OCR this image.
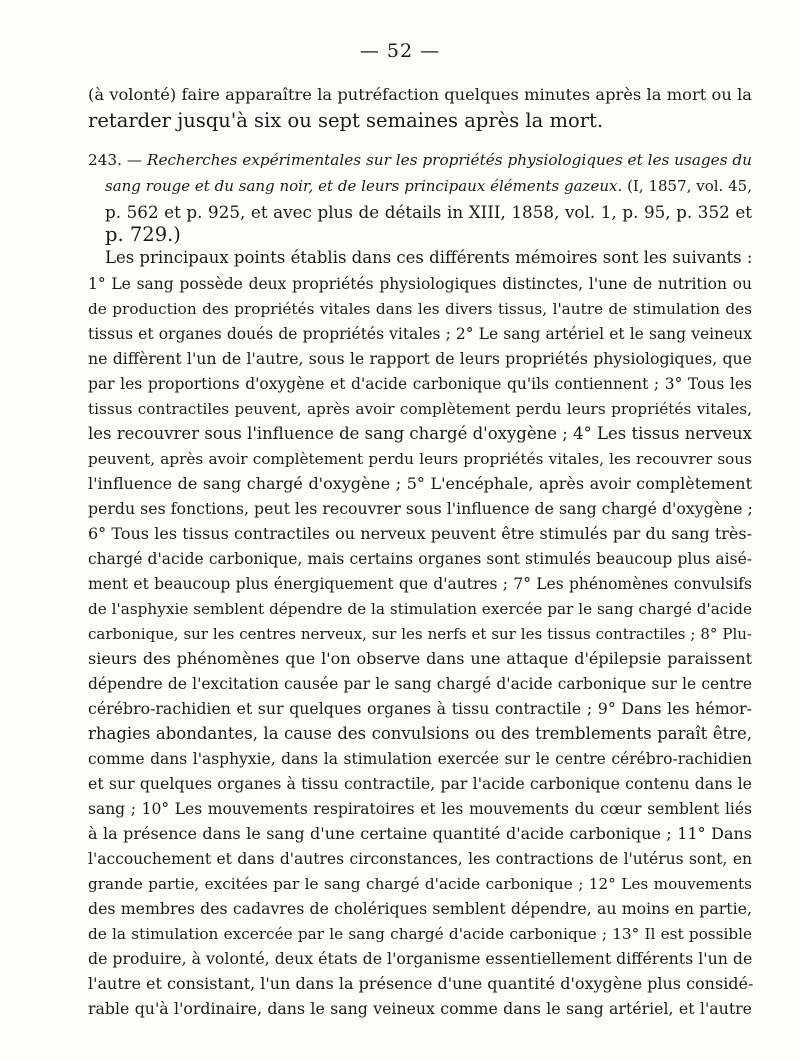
— 52 —
(à volonté) faire apparaître la putréfaction quelques minutes après la mort ou la
retarder jusqu'à six ou sept semaines après la mort.
243. — Recherches expérimentales sur les propriétés physiologiques et les usages du
sang rouge et du sang noir, et de leurs principaux éléments gazeux. (I, 1857, vol. 45,
p. 562 et p. 925, et avec plus de détails in XIII, 1858, vol. 1, p. 95, p. 352 et
p. 729.)
Les principaux points établis dans ces différents mémoires sont les suivants :
1° Le sang possède deux propriétés physiologiques distinctes, l'une de nutrition ou
de production des propriétés vitales dans les divers tissus, l'autre de stimulation des
tissus et organes doués de propriétés vitales ; 2° Le sang artériel et le sang veineux
ne diffèrent l'un de l'autre, sous le rapport de leurs propriétés physiologiques, que
par les proportions d'oxygène et d'acide carbonique qu'ils contiennent ; 3° Tous les
tissus contractiles peuvent, après avoir complètement perdu leurs propriétés vitales,
les recouvrer sous l'influence de sang chargé d'oxygène ; 4° Les tissus nerveux
peuvent, après avoir complètement perdu leurs propriétés vitales, les recouvrer sous
l'influence de sang chargé d'oxygène ; 5° L'encéphale, après avoir complètement
perdu ses fonctions, peut les recouvrer sous l'influence de sang chargé d'oxygène ;
6° Tous les tissus contractiles ou nerveux peuvent être stimulés par du sang très-
chargé d'acide carbonique, mais certains organes sont stimulés beaucoup plus aisé-
ment et beaucoup plus énergiquement que d'autres ; 7° Les phénomènes convulsifs
de l'asphyxie semblent dépendre de la stimulation exercée par le sang chargé d'acide
carbonique, sur les centres nerveux, sur les nerfs et sur les tissus contractiles ; 8° Plu-
sieurs des phénomènes que l'on observe dans une attaque d'épilepsie paraissent
dépendre de l'excitation causée par le sang chargé d'acide carbonique sur le centre
cérébro-rachidien et sur quelques organes à tissu contractile ; 9° Dans les hémor-
rhagies abondantes, la cause des convulsions ou des tremblements paraît être,
comme dans l'asphyxie, dans la stimulation exercée sur le centre cérébro-rachidien
et sur quelques organes à tissu contractile, par l'acide carbonique contenu dans le
sang ; 10° Les mouvements respiratoires et les mouvements du cœur semblent liés
à la présence dans le sang d'une certaine quantité d'acide carbonique ; 11° Dans
l'accouchement et dans d'autres circonstances, les contractions de l'utérus sont, en
grande partie, excitées par le sang chargé d'acide carbonique ; 12° Les mouvements
des membres des cadavres de cholériques semblent dépendre, au moins en partie,
de la stimulation excercée par le sang chargé d'acide carbonique ; 13° Il est possible
de produire, à volonté, deux états de l'organisme essentiellement différents l'un de
l'autre et consistant, l'un dans la présence d'une quantité d'oxygène plus considé-
rable qu'à l'ordinaire, dans le sang veineux comme dans le sang artériel, et l'autre
